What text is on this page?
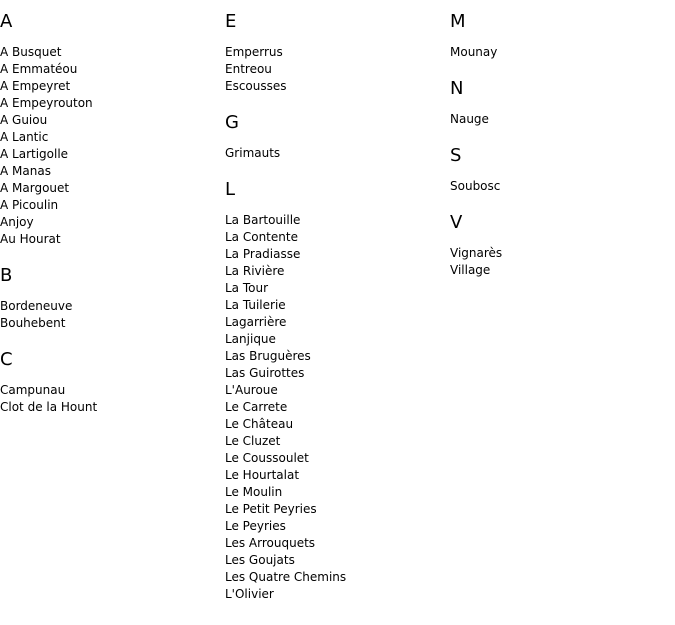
A
A Busquet
A Emmatéou
A Empeyret
A Empeyrouton
A Guiou
A Lantic
A Lartigolle
A Manas
A Margouet
A Picoulin
Anjoy
Au Hourat
B
Bordeneuve
Bouhebent
C
Campunau
Clot de la Hount
E
Emperrus
Entreou
Escousses
G
Grimauts
L
La Bartouille
La Contente
La Pradiasse
La Rivière
La Tour
La Tuilerie
Lagarrière
Lanjique
Las Bruguères
Las Guirottes
L'Auroue
Le Carrete
Le Château
Le Cluzet
Le Coussoulet
Le Hourtalat
Le Moulin
Le Petit Peyries
Le Peyries
Les Arrouquets
Les Goujats
Les Quatre Chemins
L'Olivier
M
Mounay
N
Nauge
S
Soubosc
V
Vignarès
Village
